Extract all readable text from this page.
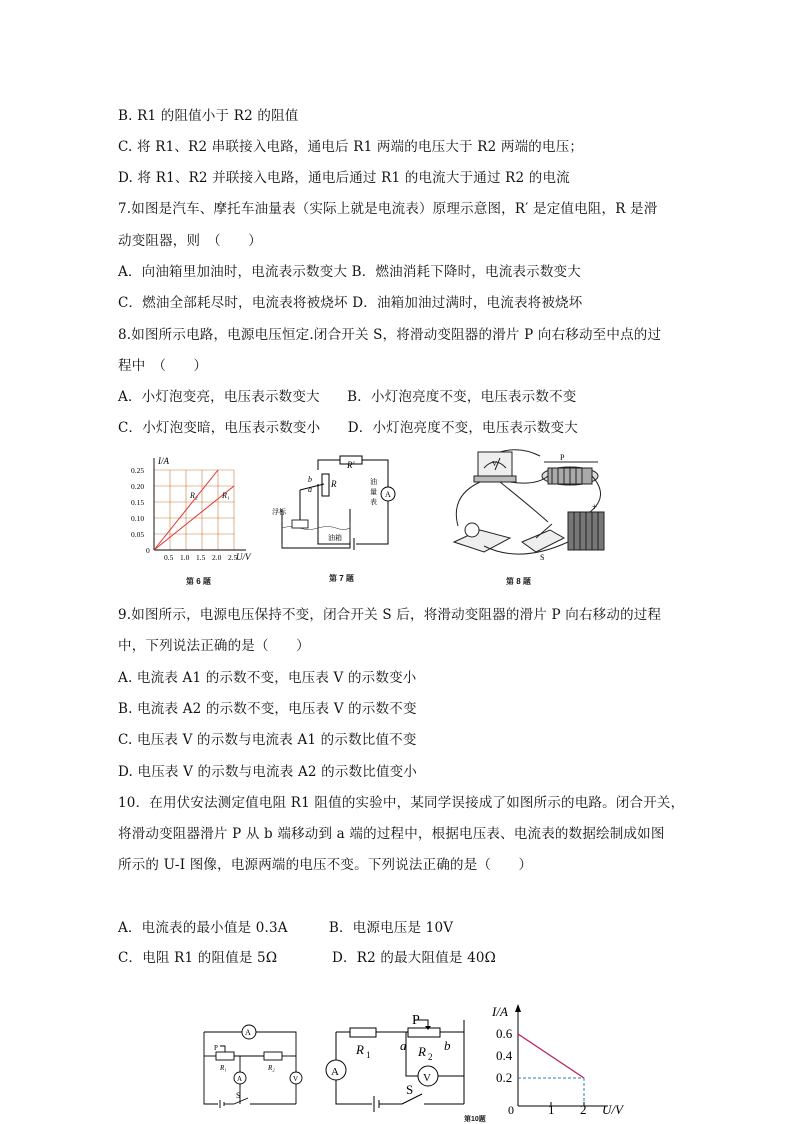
B. R1 的阻值小于 R2 的阻值
C. 将 R1、R2 串联接入电路，通电后 R1 两端的电压大于 R2 两端的电压；
D. 将 R1、R2 并联接入电路，通电后通过 R1 的电流大于通过 R2 的电流
7.如图是汽车、摩托车油量表（实际上就是电流表）原理示意图，R′ 是定值电阻，R 是滑
动变阻器，则　（　　）
A．向油箱里加油时，电流表示数变大 B．燃油消耗下降时，电流表示数变大
C．燃油全部耗尽时，电流表将被烧坏 D．油箱加油过满时，电流表将被烧坏
8.如图所示电路，电源电压恒定.闭合开关 S，将滑动变阻器的滑片 P 向右移动至中点的过
程中　（　　）
A．小灯泡变亮，电压表示数变大　　B．小灯泡亮度不变，电压表示数不变
C．小灯泡变暗，电压表示数变小　　D．小灯泡亮度不变，电压表示数变大
I/A
U/V
0.25
0.20
0.15
0.10
0.05
0
0.5 1.0 1.5 2.0 2.5
R₂	R₁
第 6 题
R′
R
b
a
A
油
量
表
浮标
油箱
第 7 题
P
V
S
+
第 8 题
9.如图所示，电源电压保持不变，闭合开关 S 后，将滑动变阻器的滑片 P 向右移动的过程
中，下列说法正确的是（　　）
A. 电流表 A1 的示数不变，电压表 V 的示数变小
B. 电流表 A2 的示数不变，电压表 V 的示数不变
C. 电压表 V 的示数与电流表 A1 的示数比值不变
D. 电压表 V 的示数与电流表 A2 的示数比值变小
10．在用伏安法测定值电阻 R1 阻值的实验中，某同学误接成了如图所示的电路。闭合开关，
将滑动变阻器滑片 P 从 b 端移动到 a 端的过程中，根据电压表、电流表的数据绘制成如图
所示的 U-I 图像，电源两端的电压不变。下列说法正确的是（　　）
A．电流表的最小值是 0.3A　　　B．电源电压是 10V
C．电阻 R1 的阻值是 5Ω　　　　D．R2 的最大阻值是 40Ω
A
A	V
P
R₁	R₂
S
P
R 1	R 2
a	b
A	V
S
I/A
0.6
0.4
0.2
0	1 2 U/V
第10题
